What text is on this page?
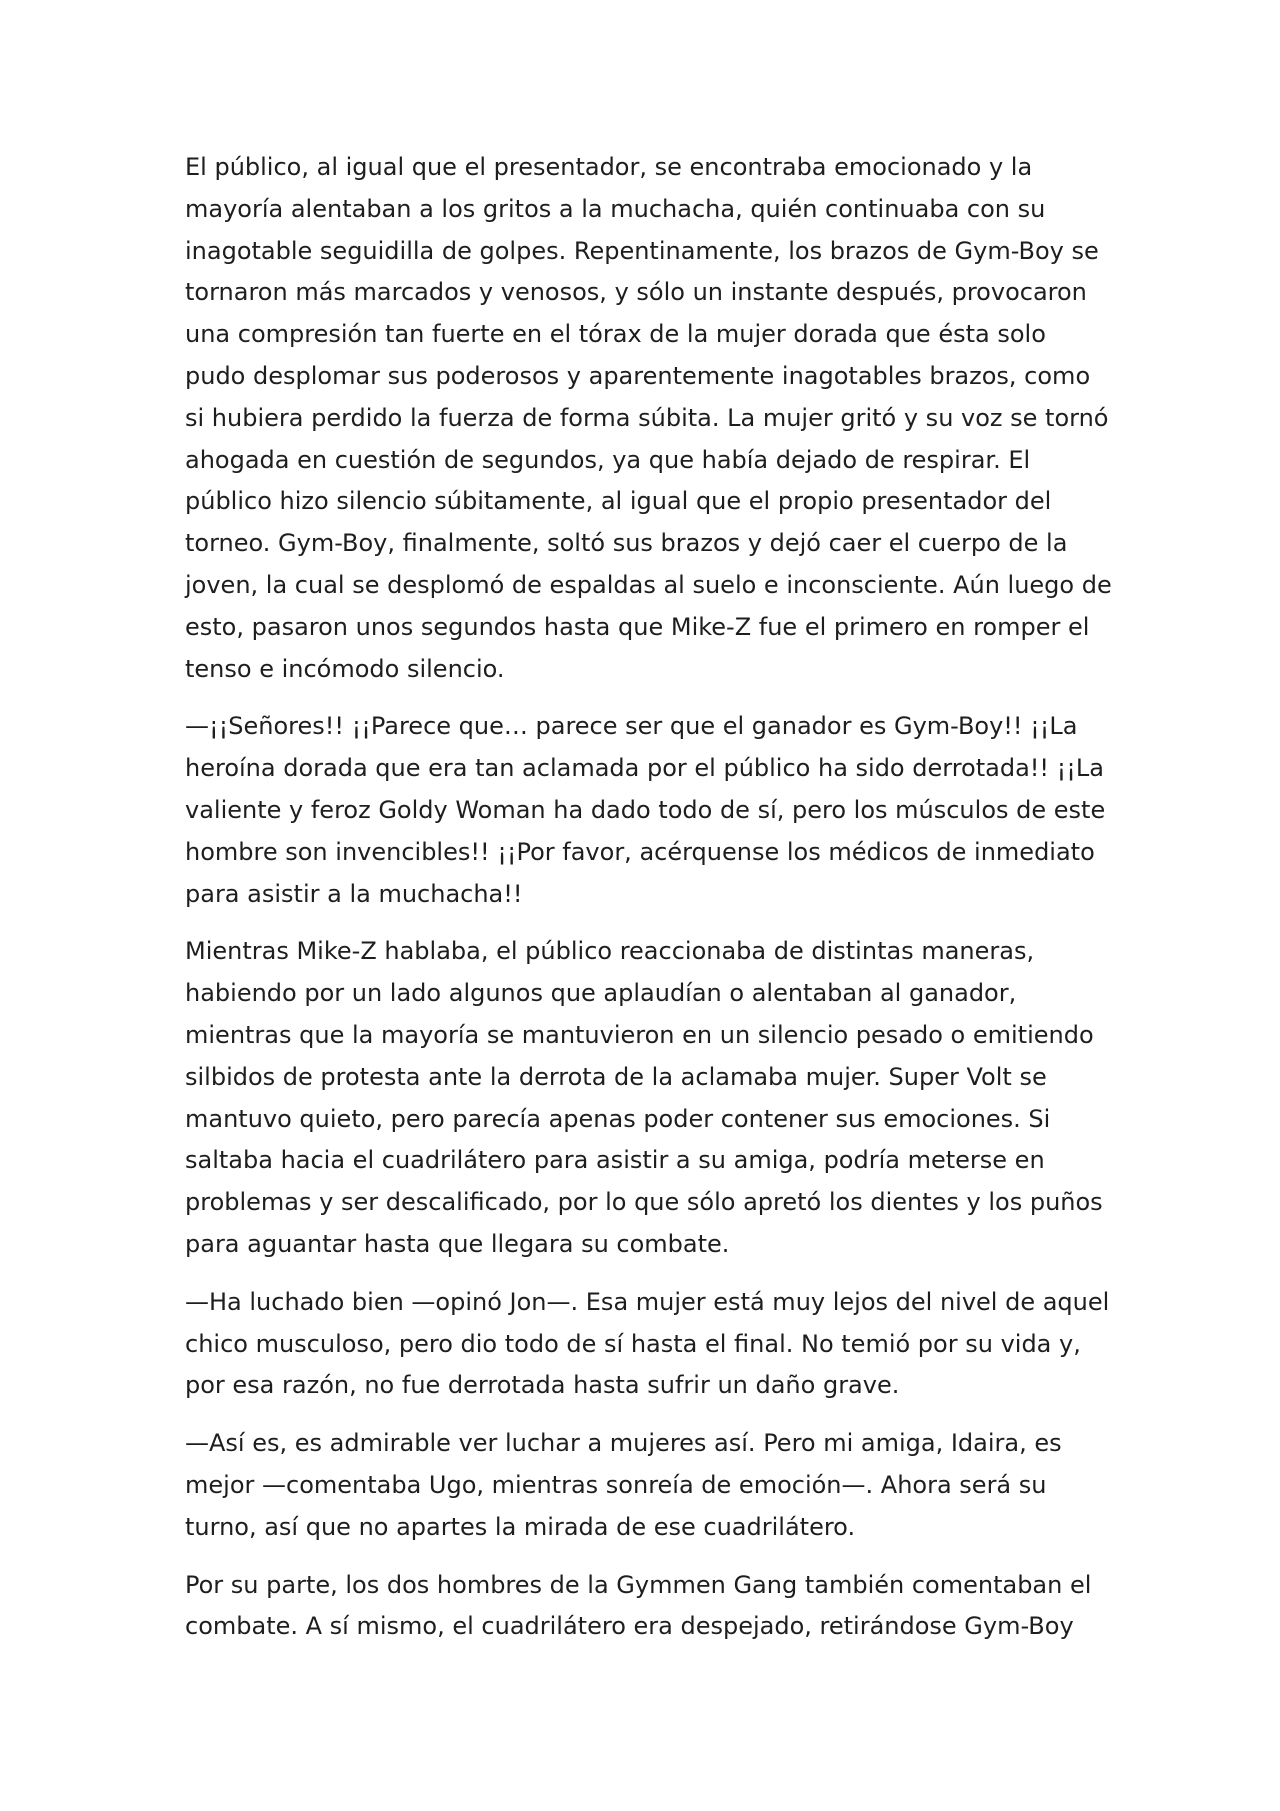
El público, al igual que el presentador, se encontraba emocionado y la
mayoría alentaban a los gritos a la muchacha, quién continuaba con su
inagotable seguidilla de golpes. Repentinamente, los brazos de Gym-Boy se
tornaron más marcados y venosos, y sólo un instante después, provocaron
una compresión tan fuerte en el tórax de la mujer dorada que ésta solo
pudo desplomar sus poderosos y aparentemente inagotables brazos, como
si hubiera perdido la fuerza de forma súbita. La mujer gritó y su voz se tornó
ahogada en cuestión de segundos, ya que había dejado de respirar. El
público hizo silencio súbitamente, al igual que el propio presentador del
torneo. Gym-Boy, finalmente, soltó sus brazos y dejó caer el cuerpo de la
joven, la cual se desplomó de espaldas al suelo e inconsciente. Aún luego de
esto, pasaron unos segundos hasta que Mike-Z fue el primero en romper el
tenso e incómodo silencio.

—¡¡Señores!! ¡¡Parece que… parece ser que el ganador es Gym-Boy!! ¡¡La
heroína dorada que era tan aclamada por el público ha sido derrotada!! ¡¡La
valiente y feroz Goldy Woman ha dado todo de sí, pero los músculos de este
hombre son invencibles!! ¡¡Por favor, acérquense los médicos de inmediato
para asistir a la muchacha!!

Mientras Mike-Z hablaba, el público reaccionaba de distintas maneras,
habiendo por un lado algunos que aplaudían o alentaban al ganador,
mientras que la mayoría se mantuvieron en un silencio pesado o emitiendo
silbidos de protesta ante la derrota de la aclamaba mujer. Super Volt se
mantuvo quieto, pero parecía apenas poder contener sus emociones. Si
saltaba hacia el cuadrilátero para asistir a su amiga, podría meterse en
problemas y ser descalificado, por lo que sólo apretó los dientes y los puños
para aguantar hasta que llegara su combate.

—Ha luchado bien —opinó Jon—. Esa mujer está muy lejos del nivel de aquel
chico musculoso, pero dio todo de sí hasta el final. No temió por su vida y,
por esa razón, no fue derrotada hasta sufrir un daño grave.

—Así es, es admirable ver luchar a mujeres así. Pero mi amiga, Idaira, es
mejor —comentaba Ugo, mientras sonreía de emoción—. Ahora será su
turno, así que no apartes la mirada de ese cuadrilátero.

Por su parte, los dos hombres de la Gymmen Gang también comentaban el
combate. A sí mismo, el cuadrilátero era despejado, retirándose Gym-Boy
